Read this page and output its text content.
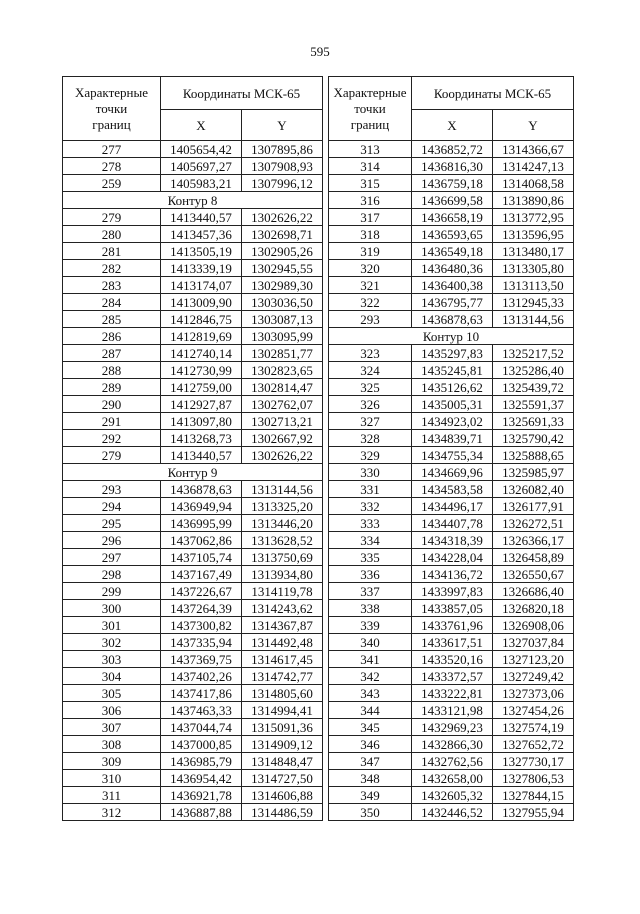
595
Характерные
точки
границ	Координаты МСК-65	
	X	Y
277	1405654,42	1307895,86
278	1405697,27	1307908,93
259	1405983,21	1307996,12
Контур 8		
279	1413440,57	1302626,22
280	1413457,36	1302698,71
281	1413505,19	1302905,26
282	1413339,19	1302945,55
283	1413174,07	1302989,30
284	1413009,90	1303036,50
285	1412846,75	1303087,13
286	1412819,69	1303095,99
287	1412740,14	1302851,77
288	1412730,99	1302823,65
289	1412759,00	1302814,47
290	1412927,87	1302762,07
291	1413097,80	1302713,21
292	1413268,73	1302667,92
279	1413440,57	1302626,22
Контур 9		
293	1436878,63	1313144,56
294	1436949,94	1313325,20
295	1436995,99	1313446,20
296	1437062,86	1313628,52
297	1437105,74	1313750,69
298	1437167,49	1313934,80
299	1437226,67	1314119,78
300	1437264,39	1314243,62
301	1437300,82	1314367,87
302	1437335,94	1314492,48
303	1437369,75	1314617,45
304	1437402,26	1314742,77
305	1437417,86	1314805,60
306	1437463,33	1314994,41
307	1437044,74	1315091,36
308	1437000,85	1314909,12
309	1436985,79	1314848,47
310	1436954,42	1314727,50
311	1436921,78	1314606,88
312	1436887,88	1314486,59
Характерные
точки
границ	Координаты МСК-65	
	X	Y
313	1436852,72	1314366,67
314	1436816,30	1314247,13
315	1436759,18	1314068,58
316	1436699,58	1313890,86
317	1436658,19	1313772,95
318	1436593,65	1313596,95
319	1436549,18	1313480,17
320	1436480,36	1313305,80
321	1436400,38	1313113,50
322	1436795,77	1312945,33
293	1436878,63	1313144,56
Контур 10		
323	1435297,83	1325217,52
324	1435245,81	1325286,40
325	1435126,62	1325439,72
326	1435005,31	1325591,37
327	1434923,02	1325691,33
328	1434839,71	1325790,42
329	1434755,34	1325888,65
330	1434669,96	1325985,97
331	1434583,58	1326082,40
332	1434496,17	1326177,91
333	1434407,78	1326272,51
334	1434318,39	1326366,17
335	1434228,04	1326458,89
336	1434136,72	1326550,67
337	1433997,83	1326686,40
338	1433857,05	1326820,18
339	1433761,96	1326908,06
340	1433617,51	1327037,84
341	1433520,16	1327123,20
342	1433372,57	1327249,42
343	1433222,81	1327373,06
344	1433121,98	1327454,26
345	1432969,23	1327574,19
346	1432866,30	1327652,72
347	1432762,56	1327730,17
348	1432658,00	1327806,53
349	1432605,32	1327844,15
350	1432446,52	1327955,94
